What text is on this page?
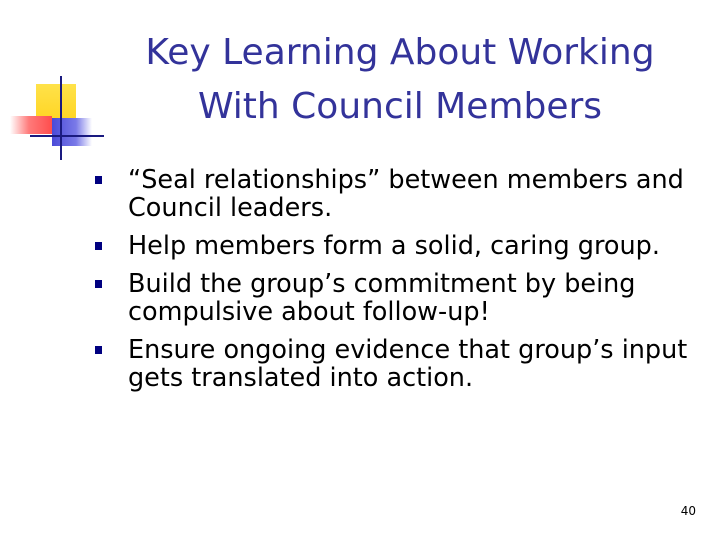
Key Learning About Working
With Council Members
“Seal relationships” between members and Council leaders.
Help members form a solid, caring group.
Build the group’s commitment by being compulsive about follow-up!
Ensure ongoing evidence that group’s input gets translated into action.
40
